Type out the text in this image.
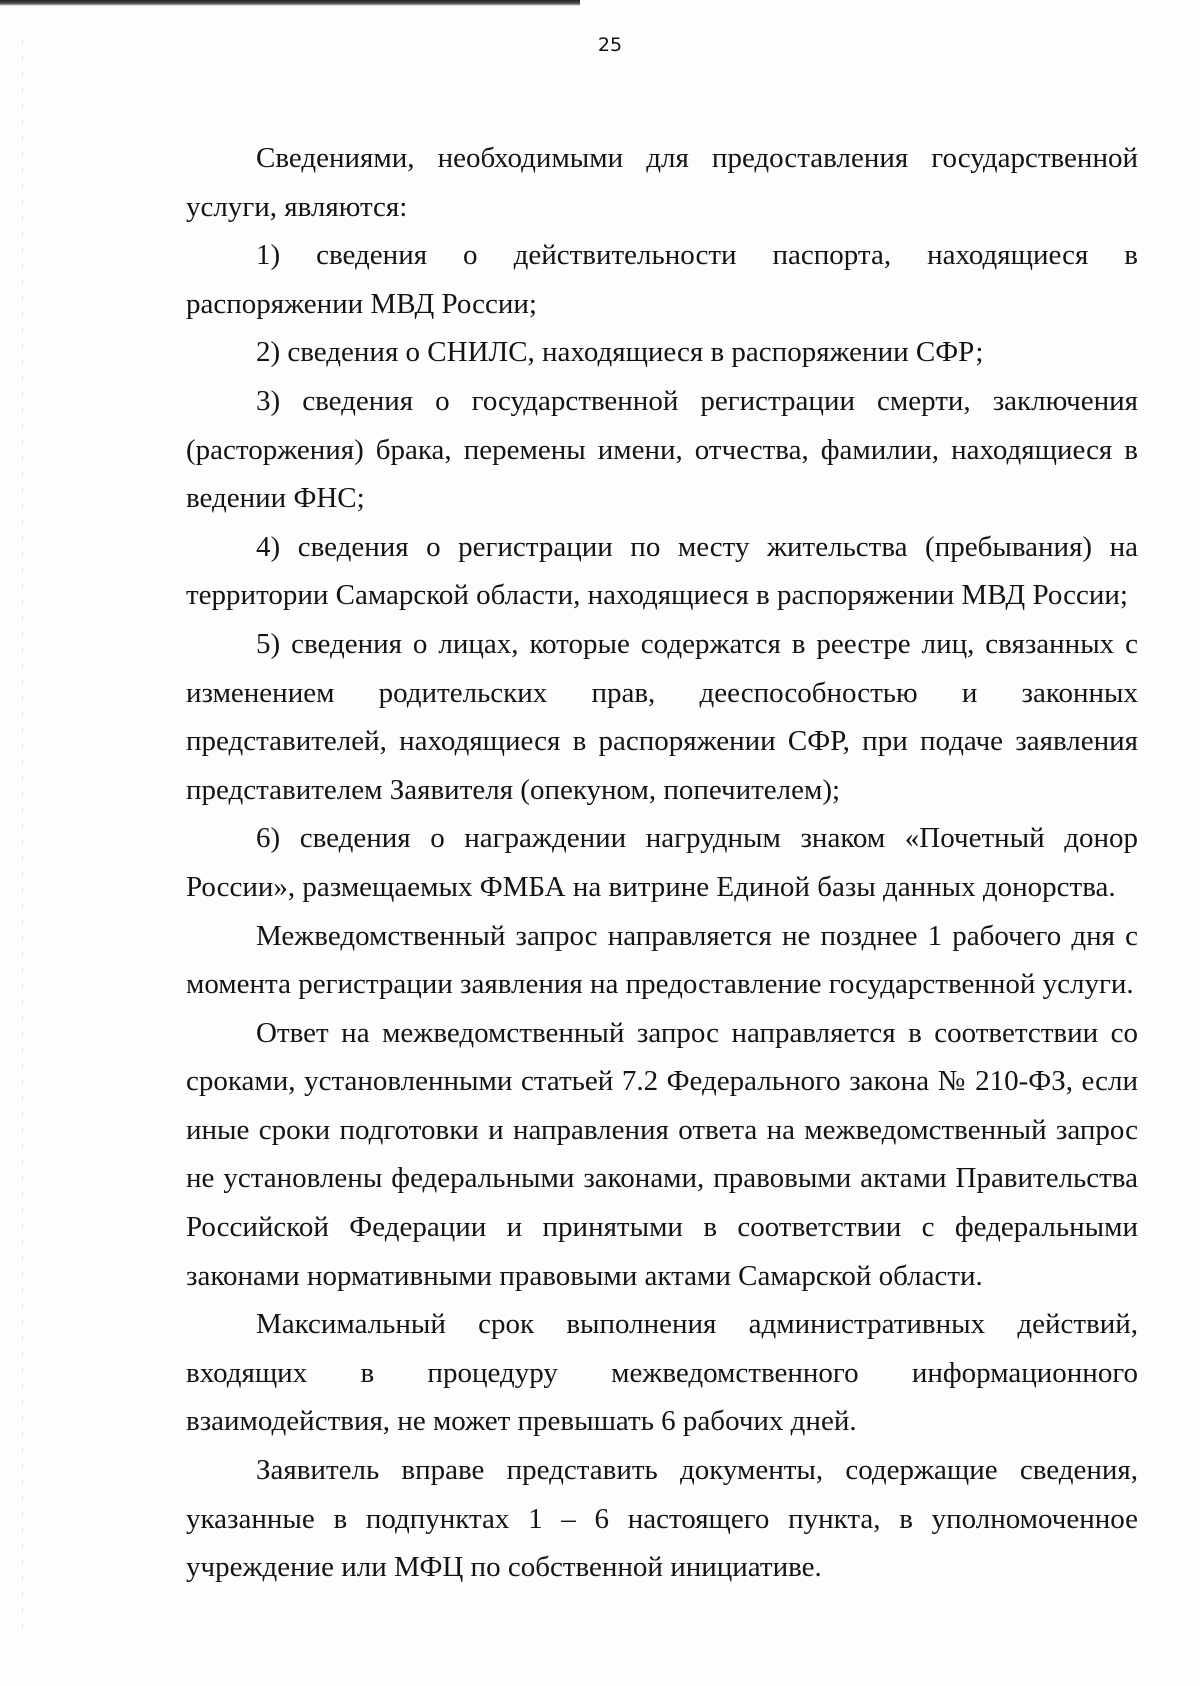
25

Сведениями, необходимыми для предоставления государственной услуги, являются:

1) сведения о действительности паспорта, находящиеся в распоряжении МВД России;

2) сведения о СНИЛС, находящиеся в распоряжении СФР;

3) сведения о государственной регистрации смерти, заключения (расторжения) брака, перемены имени, отчества, фамилии, находящиеся в ведении ФНС;

4) сведения о регистрации по месту жительства (пребывания) на территории Самарской области, находящиеся в распоряжении МВД России;

5) сведения о лицах, которые содержатся в реестре лиц, связанных с изменением родительских прав, дееспособностью и законных представителей, находящиеся в распоряжении СФР, при подаче заявления представителем Заявителя (опекуном, попечителем);

6) сведения о награждении нагрудным знаком «Почетный донор России», размещаемых ФМБА на витрине Единой базы данных донорства.

Межведомственный запрос направляется не позднее 1 рабочего дня с момента регистрации заявления на предоставление государственной услуги.

Ответ на межведомственный запрос направляется в соответствии со сроками, установленными статьей 7.2 Федерального закона № 210-ФЗ, если иные сроки подготовки и направления ответа на межведомственный запрос не установлены федеральными законами, правовыми актами Правительства Российской Федерации и принятыми в соответствии с федеральными законами нормативными правовыми актами Самарской области.

Максимальный срок выполнения административных действий, входящих в процедуру межведомственного информационного взаимодействия, не может превышать 6 рабочих дней.

Заявитель вправе представить документы, содержащие сведения, указанные в подпунктах 1 – 6 настоящего пункта, в уполномоченное учреждение или МФЦ по собственной инициативе.
